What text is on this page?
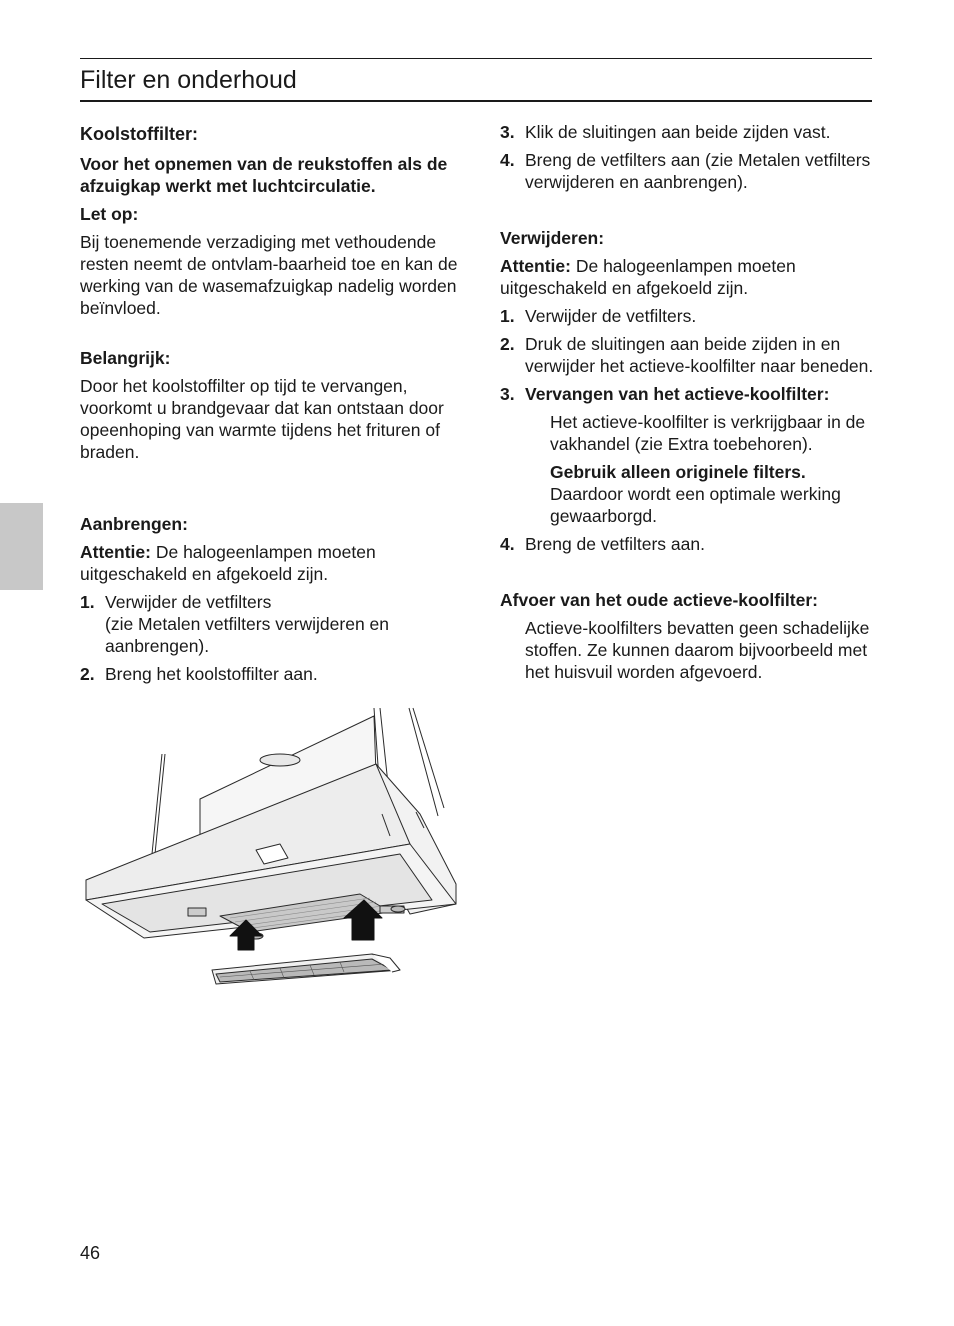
Filter en onderhoud

Koolstoffilter:

Voor het opnemen van de reukstoffen als de afzuigkap werkt met luchtcirculatie.

Let op:

Bij toenemende verzadiging met vethoudende resten neemt de ontvlam-baarheid toe en kan de werking van de wasemafzuigkap nadelig worden beïnvloed.

Belangrijk:

Door het koolstoffilter op tijd te vervangen, voorkomt u brandgevaar dat kan ontstaan door opeenhoping van warmte tijdens het frituren of braden.

Aanbrengen:

Attentie: De halogeenlampen moeten uitgeschakeld en afgekoeld zijn.

1. Verwijder de vetfilters
(zie Metalen vetfilters verwijderen en aanbrengen).
2. Breng het koolstoffilter aan.
3. Klik de sluitingen aan beide zijden vast.
4. Breng de vetfilters aan (zie Metalen vetfilters verwijderen en aanbrengen).

Verwijderen:

Attentie: De halogeenlampen moeten uitgeschakeld en afgekoeld zijn.

1. Verwijder de vetfilters.
2. Druk de sluitingen aan beide zijden in en verwijder het actieve-koolfilter naar beneden.
3. Vervangen van het actieve-koolfilter:

Het actieve-koolfilter is verkrijgbaar in de vakhandel (zie Extra toebehoren).

Gebruik alleen originele filters.
Daardoor wordt een optimale werking gewaarborgd.

4. Breng de vetfilters aan.

Afvoer van het oude actieve-koolfilter:

Actieve-koolfilters bevatten geen schadelijke stoffen. Ze kunnen daarom bijvoorbeeld met het huisvuil worden afgevoerd.

46
